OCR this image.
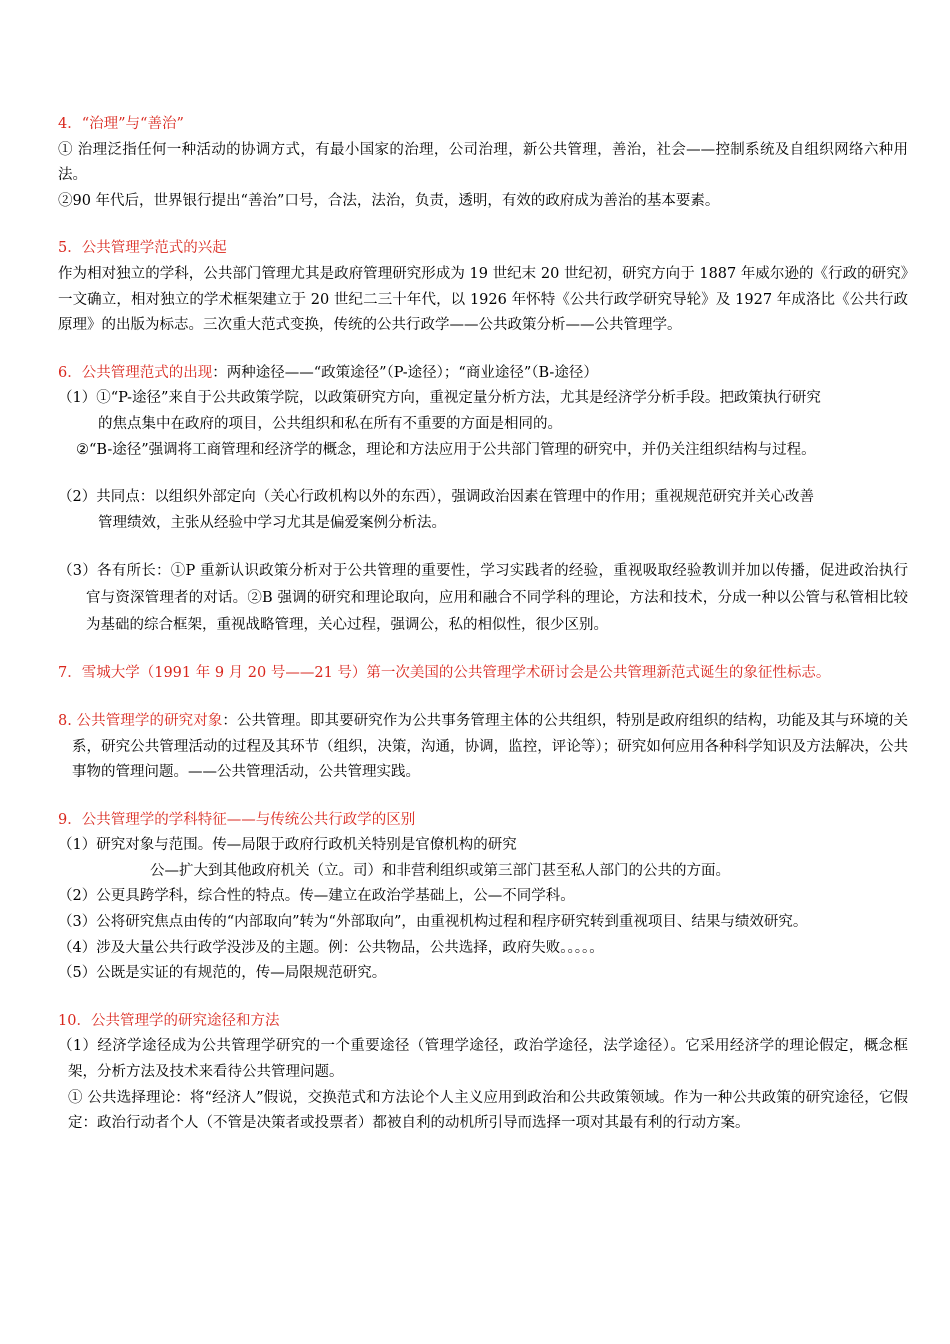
4．“治理”与“善治”
① 治理泛指任何一种活动的协调方式，有最小国家的治理，公司治理，新公共管理，善治，社会——控制系统及自组织网络六种用法。
②90 年代后，世界银行提出“善治”口号，合法，法治，负责，透明，有效的政府成为善治的基本要素。
5．公共管理学范式的兴起
作为相对独立的学科，公共部门管理尤其是政府管理研究形成为 19 世纪末 20 世纪初，研究方向于 1887 年威尔逊的《行政的研究》一文确立，相对独立的学术框架建立于 20 世纪二三十年代，以 1926 年怀特《公共行政学研究导轮》及 1927 年成洛比《公共行政原理》的出版为标志。三次重大范式变换，传统的公共行政学——公共政策分析——公共管理学。
6．公共管理范式的出现：两种途径——“政策途径”（P-途径）；“商业途径”（B-途径）
（1）①“P-途径”来自于公共政策学院，以政策研究方向，重视定量分析方法，尤其是经济学分析手段。把政策执行研究
的焦点集中在政府的项目，公共组织和私在所有不重要的方面是相同的。
②“B-途径”强调将工商管理和经济学的概念，理论和方法应用于公共部门管理的研究中，并仍关注组织结构与过程。
（2）共同点：以组织外部定向（关心行政机构以外的东西），强调政治因素在管理中的作用；重视规范研究并关心改善
管理绩效，主张从经验中学习尤其是偏爱案例分析法。
（3）各有所长：①P 重新认识政策分析对于公共管理的重要性，学习实践者的经验，重视吸取经验教训并加以传播，促进政治执行官与资深管理者的对话。②B 强调的研究和理论取向，应用和融合不同学科的理论，方法和技术，分成一种以公管与私管相比较为基础的综合框架，重视战略管理，关心过程，强调公，私的相似性，很少区别。
7．雪城大学（1991 年 9 月 20 号——21 号）第一次美国的公共管理学术研讨会是公共管理新范式诞生的象征性标志。
8. 公共管理学的研究对象：公共管理。即其要研究作为公共事务管理主体的公共组织，特别是政府组织的结构，功能及其与环境的关系，研究公共管理活动的过程及其环节（组织，决策，沟通，协调，监控，评论等）；研究如何应用各种科学知识及方法解决，公共事物的管理问题。——公共管理活动，公共管理实践。
9．公共管理学的学科特征——与传统公共行政学的区别
（1）研究对象与范围。传—局限于政府行政机关特别是官僚机构的研究
公—扩大到其他政府机关（立。司）和非营利组织或第三部门甚至私人部门的公共的方面。
（2）公更具跨学科，综合性的特点。传—建立在政治学基础上，公—不同学科。
（3）公将研究焦点由传的“内部取向”转为“外部取向”，由重视机构过程和程序研究转到重视项目、结果与绩效研究。
（4）涉及大量公共行政学没涉及的主题。例：公共物品，公共选择，政府失败。。。。。
（5）公既是实证的有规范的，传—局限规范研究。
10．公共管理学的研究途径和方法
（1）经济学途径成为公共管理学研究的一个重要途径（管理学途径，政治学途径，法学途径）。它采用经济学的理论假定，概念框架，分析方法及技术来看待公共管理问题。
① 公共选择理论：将“经济人”假说，交换范式和方法论个人主义应用到政治和公共政策领域。作为一种公共政策的研究途径，它假定：政治行动者个人（不管是决策者或投票者）都被自利的动机所引导而选择一项对其最有利的行动方案。
